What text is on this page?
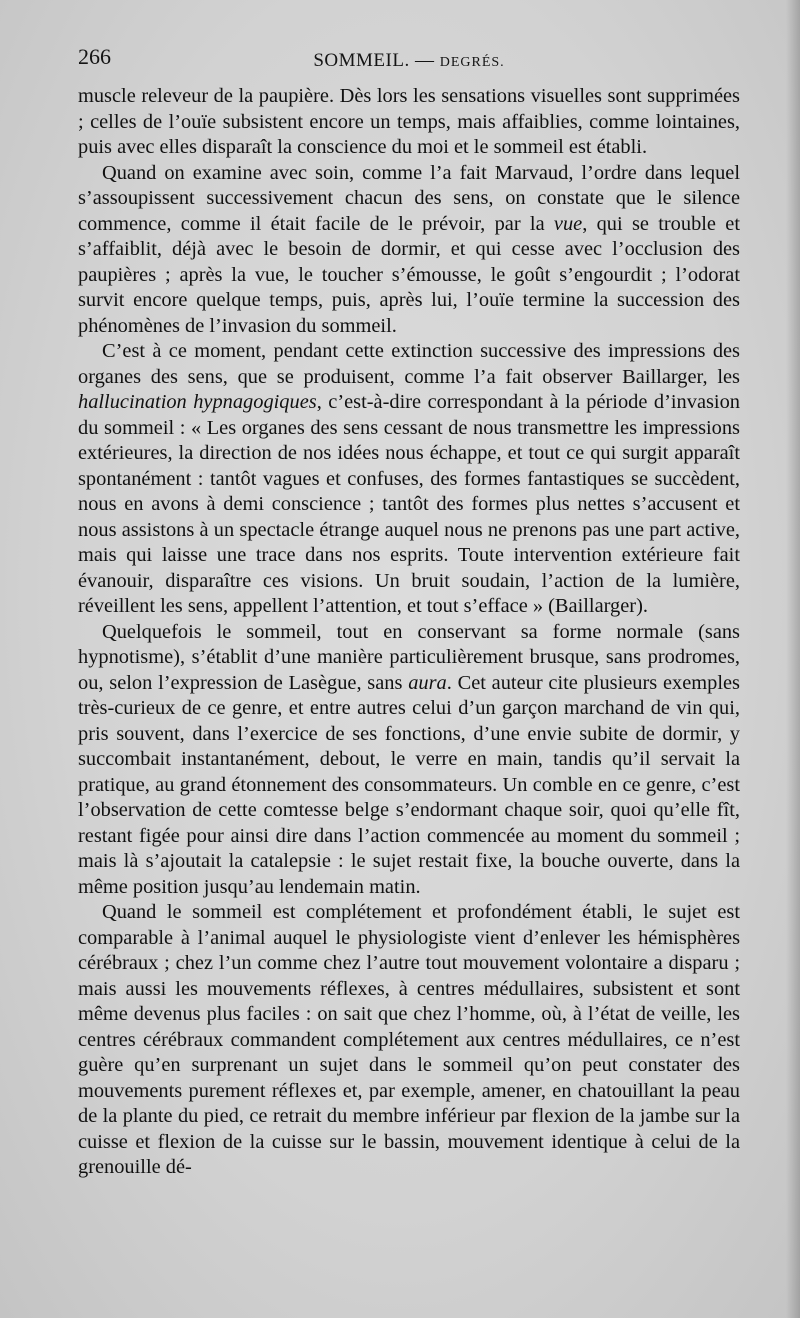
266	SOMMEIL. — DEGRÉS.

muscle releveur de la paupière. Dès lors les sensations visuelles sont supprimées ; celles de l’ouïe subsistent encore un temps, mais affaiblies, comme lointaines, puis avec elles disparaît la conscience du moi et le sommeil est établi.

Quand on examine avec soin, comme l’a fait Marvaud, l’ordre dans lequel s’assoupissent successivement chacun des sens, on constate que le silence commence, comme il était facile de le prévoir, par la vue, qui se trouble et s’affaiblit, déjà avec le besoin de dormir, et qui cesse avec l’occlusion des paupières ; après la vue, le toucher s’émousse, le goût s’engourdit ; l’odorat survit encore quelque temps, puis, après lui, l’ouïe termine la succession des phénomènes de l’invasion du sommeil.

C’est à ce moment, pendant cette extinction successive des impressions des organes des sens, que se produisent, comme l’a fait observer Baillarger, les hallucination hypnagogiques, c’est-à-dire correspondant à la période d’invasion du sommeil : « Les organes des sens cessant de nous transmettre les impressions extérieures, la direction de nos idées nous échappe, et tout ce qui surgit apparaît spontanément : tantôt vagues et confuses, des formes fantastiques se succèdent, nous en avons à demi conscience ; tantôt des formes plus nettes s’accusent et nous assistons à un spectacle étrange auquel nous ne prenons pas une part active, mais qui laisse une trace dans nos esprits. Toute intervention extérieure fait évanouir, disparaître ces visions. Un bruit soudain, l’action de la lumière, réveillent les sens, appellent l’attention, et tout s’efface » (Baillarger).

Quelquefois le sommeil, tout en conservant sa forme normale (sans hypnotisme), s’établit d’une manière particulièrement brusque, sans prodromes, ou, selon l’expression de Lasègue, sans aura. Cet auteur cite plusieurs exemples très-curieux de ce genre, et entre autres celui d’un garçon marchand de vin qui, pris souvent, dans l’exercice de ses fonctions, d’une envie subite de dormir, y succombait instantanément, debout, le verre en main, tandis qu’il servait la pratique, au grand étonnement des consommateurs. Un comble en ce genre, c’est l’observation de cette comtesse belge s’endormant chaque soir, quoi qu’elle fît, restant figée pour ainsi dire dans l’action commencée au moment du sommeil ; mais là s’ajoutait la catalepsie : le sujet restait fixe, la bouche ouverte, dans la même position jusqu’au lendemain matin.

Quand le sommeil est complétement et profondément établi, le sujet est comparable à l’animal auquel le physiologiste vient d’enlever les hémisphères cérébraux ; chez l’un comme chez l’autre tout mouvement volontaire a disparu ; mais aussi les mouvements réflexes, à centres médullaires, subsistent et sont même devenus plus faciles : on sait que chez l’homme, où, à l’état de veille, les centres cérébraux commandent complétement aux centres médullaires, ce n’est guère qu’en surprenant un sujet dans le sommeil qu’on peut constater des mouvements purement réflexes et, par exemple, amener, en chatouillant la peau de la plante du pied, ce retrait du membre inférieur par flexion de la jambe sur la cuisse et flexion de la cuisse sur le bassin, mouvement identique à celui de la grenouille dé-
